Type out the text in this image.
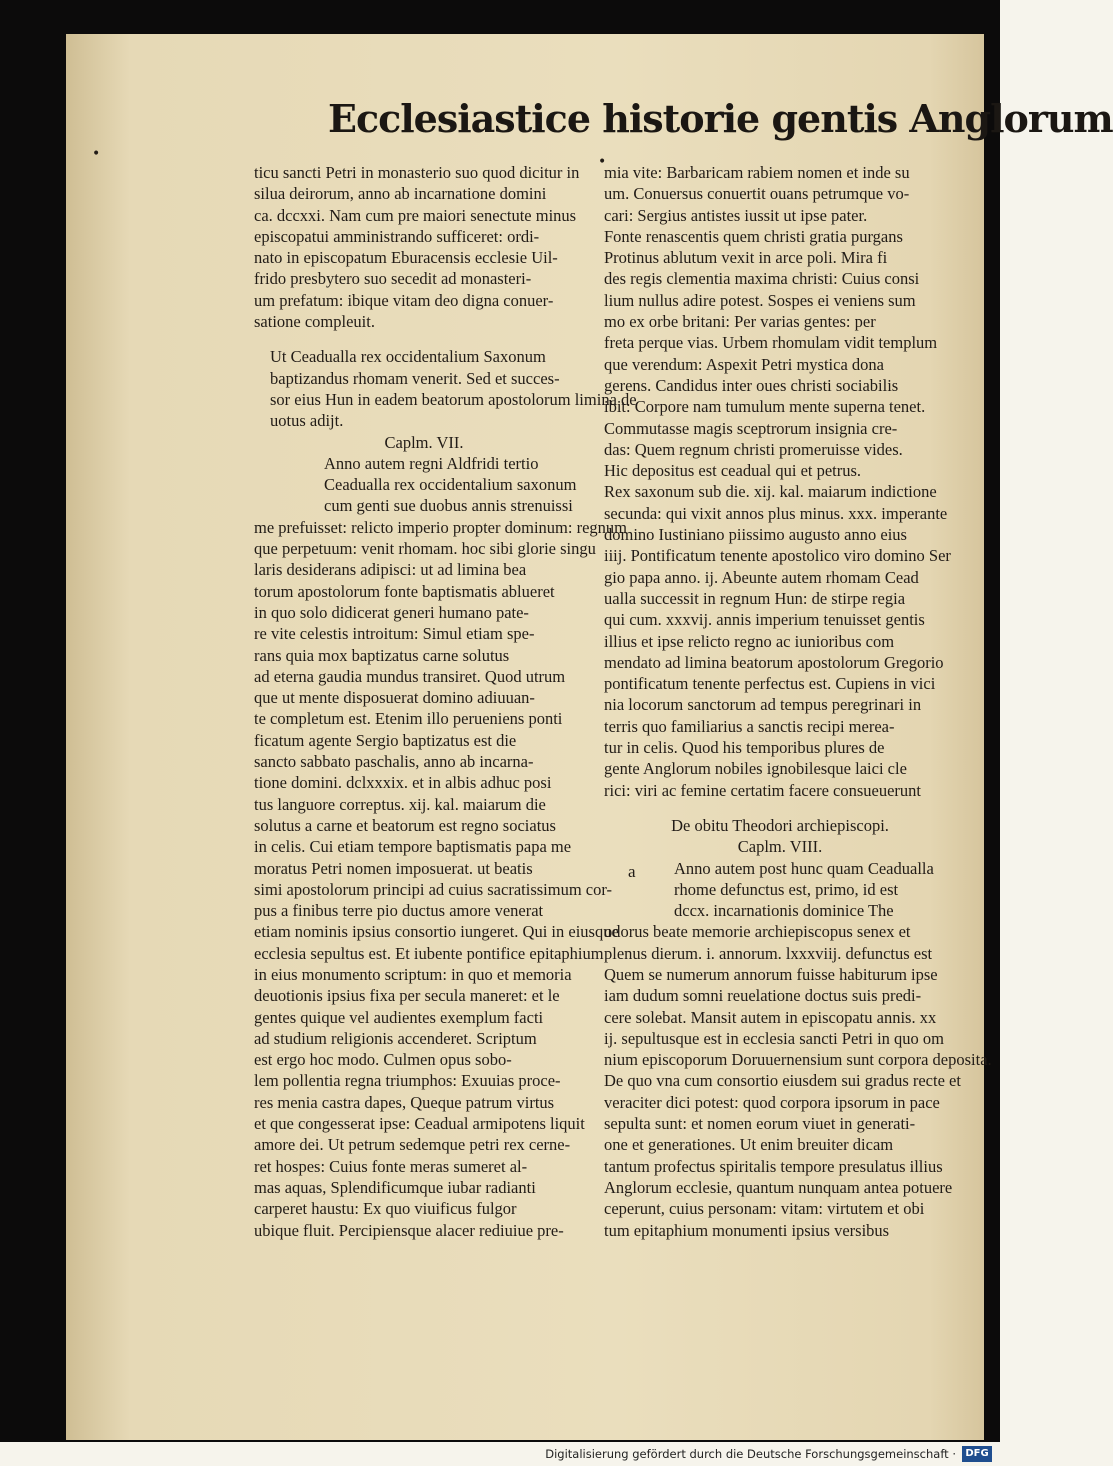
Ecclesiastice historie gentis Anglorum
ticu sancti Petri in monasterio suo quod dicitur in
silua deirorum, anno ab incarnatione domini
ca. dccxxi. Nam cum pre maiori senectute minus
episcopatui amministrando sufficeret: ordi-
nato in episcopatum Eburacensis ecclesie Uil-
frido presbytero suo secedit ad monasteri-
um prefatum: ibique vitam deo digna conuer-
satione compleuit.
Ut Ceadualla rex occidentalium Saxonum
baptizandus rhomam venerit. Sed et succes-
sor eius Hun in eadem beatorum apostolorum limina de
uotus adijt.
Caplm. VII.
Anno autem regni Aldfridi tertio
Ceadualla rex occidentalium saxonum
cum genti sue duobus annis strenuissi
me prefuisset: relicto imperio propter dominum: regnum
que perpetuum: venit rhomam. hoc sibi glorie singu
laris desiderans adipisci: ut ad limina bea
torum apostolorum fonte baptismatis ablueret
in quo solo didicerat generi humano pate-
re vite celestis introitum: Simul etiam spe-
rans quia mox baptizatus carne solutus
ad eterna gaudia mundus transiret. Quod utrum
que ut mente disposuerat domino adiuuan-
te completum est. Etenim illo perueniens ponti
ficatum agente Sergio baptizatus est die
sancto sabbato paschalis, anno ab incarna-
tione domini. dclxxxix. et in albis adhuc posi
tus languore correptus. xij. kal. maiarum die
solutus a carne et beatorum est regno sociatus
in celis. Cui etiam tempore baptismatis papa me
moratus Petri nomen imposuerat. ut beatis
simi apostolorum principi ad cuius sacratissimum cor-
pus a finibus terre pio ductus amore venerat
etiam nominis ipsius consortio iungeret. Qui in eiusque
ecclesia sepultus est. Et iubente pontifice epitaphium
in eius monumento scriptum: in quo et memoria
deuotionis ipsius fixa per secula maneret: et le
gentes quique vel audientes exemplum facti
ad studium religionis accenderet. Scriptum
est ergo hoc modo. Culmen opus sobo-
lem pollentia regna triumphos: Exuuias proce-
res menia castra dapes, Queque patrum virtus
et que congesserat ipse: Ceadual armipotens liquit
amore dei. Ut petrum sedemque petri rex cerne-
ret hospes: Cuius fonte meras sumeret al-
mas aquas, Splendificumque iubar radianti
carperet haustu: Ex quo viuificus fulgor
ubique fluit. Percipiensque alacer rediuiue pre-
mia vite: Barbaricam rabiem nomen et inde su
um. Conuersus conuertit ouans petrumque vo-
cari: Sergius antistes iussit ut ipse pater.
Fonte renascentis quem christi gratia purgans
Protinus ablutum vexit in arce poli. Mira fi
des regis clementia maxima christi: Cuius consi
lium nullus adire potest. Sospes ei veniens sum
mo ex orbe britani: Per varias gentes: per
freta perque vias. Urbem rhomulam vidit templum
que verendum: Aspexit Petri mystica dona
gerens. Candidus inter oues christi sociabilis
ibit: Corpore nam tumulum mente superna tenet.
Commutasse magis sceptrorum insignia cre-
das: Quem regnum christi promeruisse vides.
Hic depositus est ceadual qui et petrus.
Rex saxonum sub die. xij. kal. maiarum indictione
secunda: qui vixit annos plus minus. xxx. imperante
domino Iustiniano piissimo augusto anno eius
iiij. Pontificatum tenente apostolico viro domino Ser
gio papa anno. ij. Abeunte autem rhomam Cead
ualla successit in regnum Hun: de stirpe regia
qui cum. xxxvij. annis imperium tenuisset gentis
illius et ipse relicto regno ac iunioribus com
mendato ad limina beatorum apostolorum Gregorio
pontificatum tenente perfectus est. Cupiens in vici
nia locorum sanctorum ad tempus peregrinari in
terris quo familiarius a sanctis recipi merea-
tur in celis. Quod his temporibus plures de
gente Anglorum nobiles ignobilesque laici cle
rici: viri ac femine certatim facere consueuerunt
De obitu Theodori archiepiscopi.
Caplm. VIII.
Anno autem post hunc quam Ceadualla
rhome defunctus est, primo, id est
dccx. incarnationis dominice The
odorus beate memorie archiepiscopus senex et
plenus dierum. i. annorum. lxxxviij. defunctus est
Quem se numerum annorum fuisse habiturum ipse
iam dudum somni reuelatione doctus suis predi-
cere solebat. Mansit autem in episcopatu annis. xx
ij. sepultusque est in ecclesia sancti Petri in quo om
nium episcoporum Doruuernensium sunt corpora deposita.
De quo vna cum consortio eiusdem sui gradus recte et
veraciter dici potest: quod corpora ipsorum in pace
sepulta sunt: et nomen eorum viuet in generati-
one et generationes. Ut enim breuiter dicam
tantum profectus spiritalis tempore presulatus illius
Anglorum ecclesie, quantum nunquam antea potuere
ceperunt, cuius personam: vitam: virtutem et obi
tum epitaphium monumenti ipsius versibus
a
•	•
Digitalisierung gefördert durch die Deutsche Forschungsgemeinschaft · DFG
